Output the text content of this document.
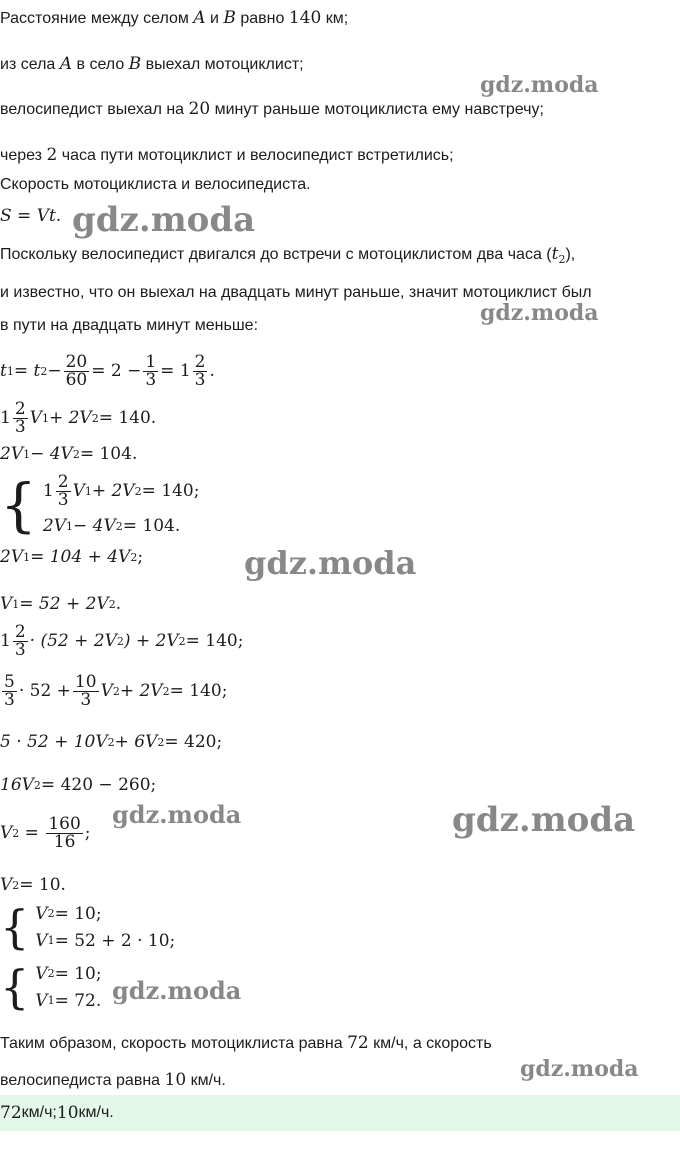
Расстояние между селом A и B равно 140 км;
из села A в село B выехал мотоциклист;
велосипедист выехал на 20 минут раньше мотоциклиста ему навстречу;
через 2 часа пути мотоциклист и велосипедист встретились;
Скорость мотоциклиста и велосипедиста.
S = Vt.
Поскольку велосипедист двигался до встречи с мотоциклистом два часа $(t_2)$,
и известно, что он выехал на двадцать минут раньше, значит мотоциклист был
в пути на двадцать минут меньше:
t 1 = t $2 - \frac{20}{60} = 2 - \frac{1}{3} = 1 \frac{2}{3}$ .
$1 \frac{2}{3}$ V 1 + 2V 2 = 140.
2V 1 − 4V 2 = 104.
{ $1 \frac{2}{3}$ V 1 + 2V 2 = 140;
2V 1 − 4V 2 = 104.
2V 1 = 104 + 4V 2 ;
V 1 = 52 + 2V 2 .
$1 \frac{2}{3} \cdot (52 + 2V$ 2 ) + 2V 2 = 140;
$\frac{5}{3} \cdot 52 + \frac{10}{3}$ V 2 + 2V 2 = 140;
5 · 52 + 10V 2 + 6V 2 = 420;
16V 2 = 420 − 260;
V $2 = \frac{160}{16}$ ;
V 2 = 10.
{ V 2 = 10;
V 1 = 52 + 2 · 10;
{ V 2 = 10;
V 1 = 72.
Таким образом, скорость мотоциклиста равна 72 км/ч, а скорость
велосипедиста равна 10 км/ч.
72 км/ч; 10 км/ч.
gdz.moda
gdz.moda
gdz.moda
gdz.moda
gdz.moda	gdz.moda
gdz.moda
gdz.moda
